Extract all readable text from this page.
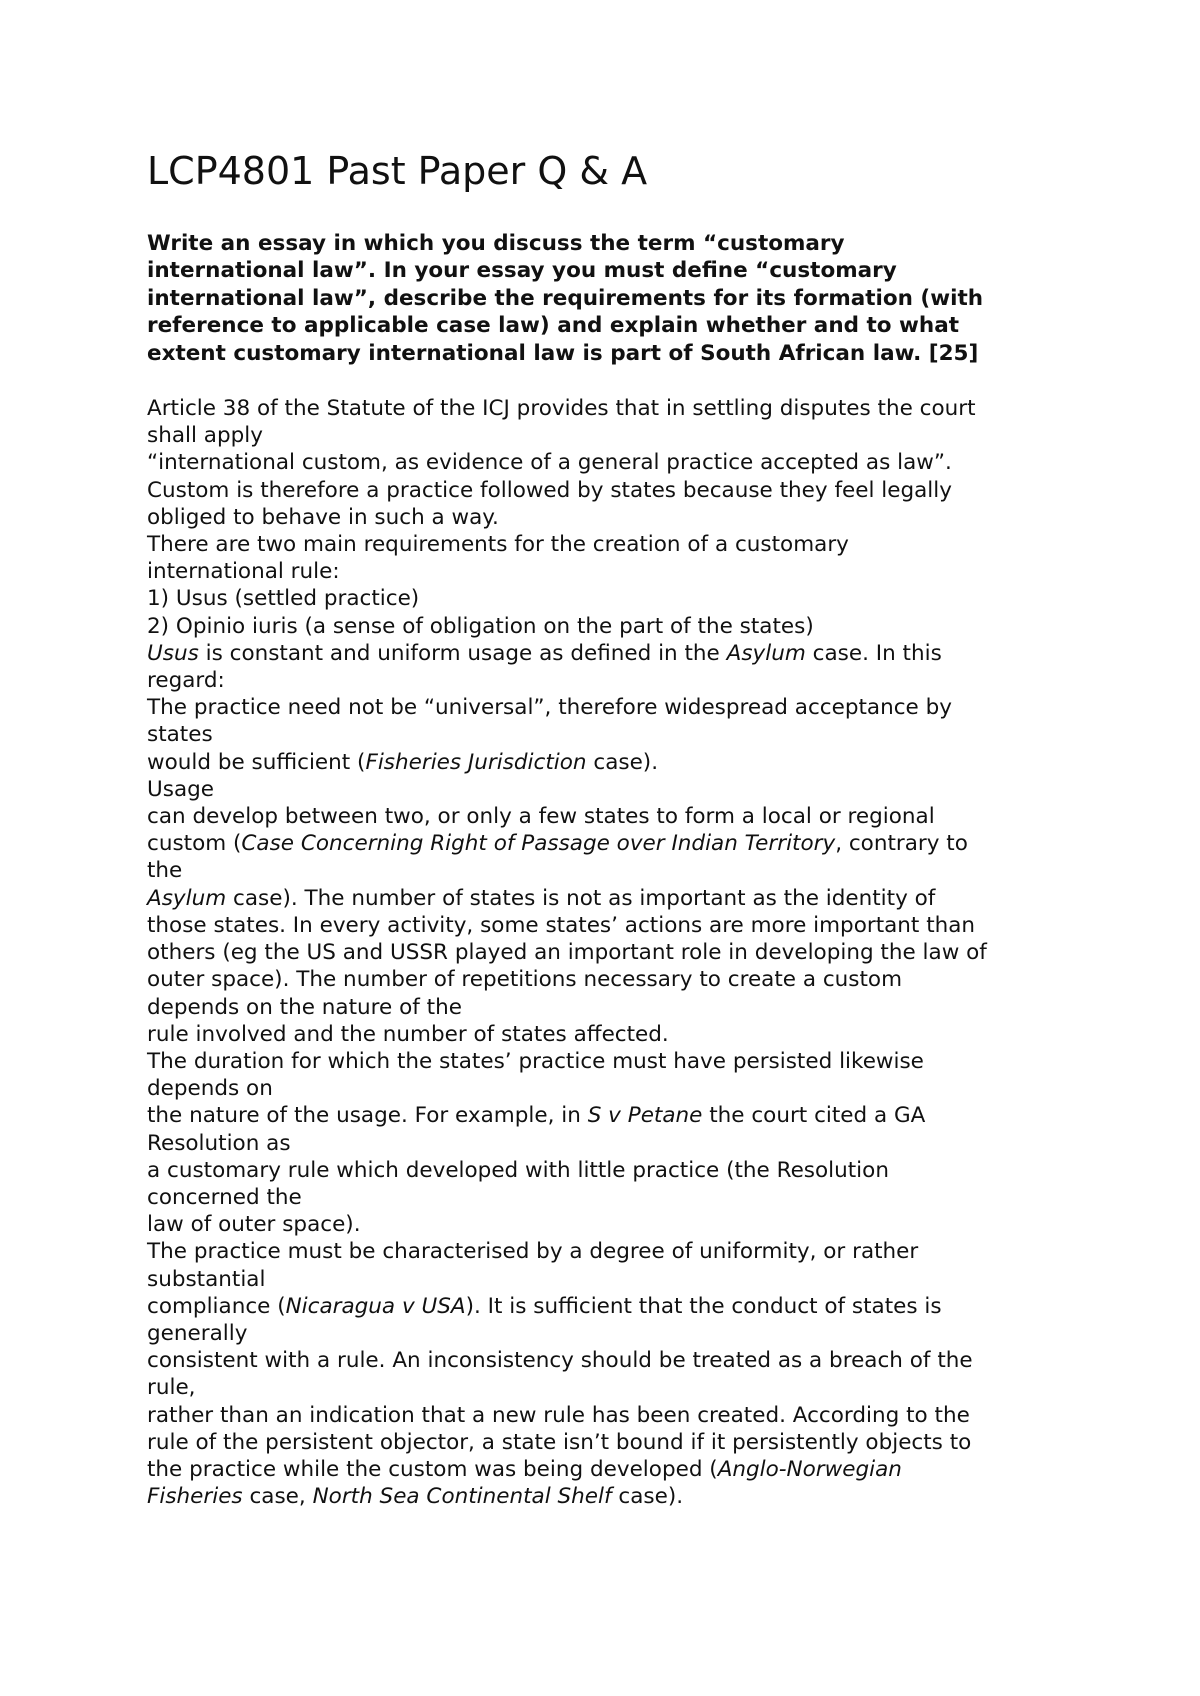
LCP4801 Past Paper Q & A
Write an essay in which you discuss the term “customary
international law”. In your essay you must define “customary
international law”, describe the requirements for its formation (with
reference to applicable case law) and explain whether and to what
extent customary international law is part of South African law. [25]
Article 38 of the Statute of the ICJ provides that in settling disputes the court
shall apply
“international custom, as evidence of a general practice accepted as law”.
Custom is therefore a practice followed by states because they feel legally
obliged to behave in such a way.
There are two main requirements for the creation of a customary
international rule:
1) Usus (settled practice)
2) Opinio iuris (a sense of obligation on the part of the states)
Usus is constant and uniform usage as defined in the Asylum case. In this
regard:
The practice need not be “universal”, therefore widespread acceptance by
states
would be sufficient (Fisheries Jurisdiction case).
Usage
can develop between two, or only a few states to form a local or regional
custom (Case Concerning Right of Passage over Indian Territory, contrary to
the
Asylum case). The number of states is not as important as the identity of
those states. In every activity, some states’ actions are more important than
others (eg the US and USSR played an important role in developing the law of
outer space). The number of repetitions necessary to create a custom
depends on the nature of the
rule involved and the number of states affected.
The duration for which the states’ practice must have persisted likewise
depends on
the nature of the usage. For example, in S v Petane the court cited a GA
Resolution as
a customary rule which developed with little practice (the Resolution
concerned the
law of outer space).
The practice must be characterised by a degree of uniformity, or rather
substantial
compliance (Nicaragua v USA). It is sufficient that the conduct of states is
generally
consistent with a rule. An inconsistency should be treated as a breach of the
rule,
rather than an indication that a new rule has been created. According to the
rule of the persistent objector, a state isn’t bound if it persistently objects to
the practice while the custom was being developed (Anglo-Norwegian
Fisheries case, North Sea Continental Shelf case).
